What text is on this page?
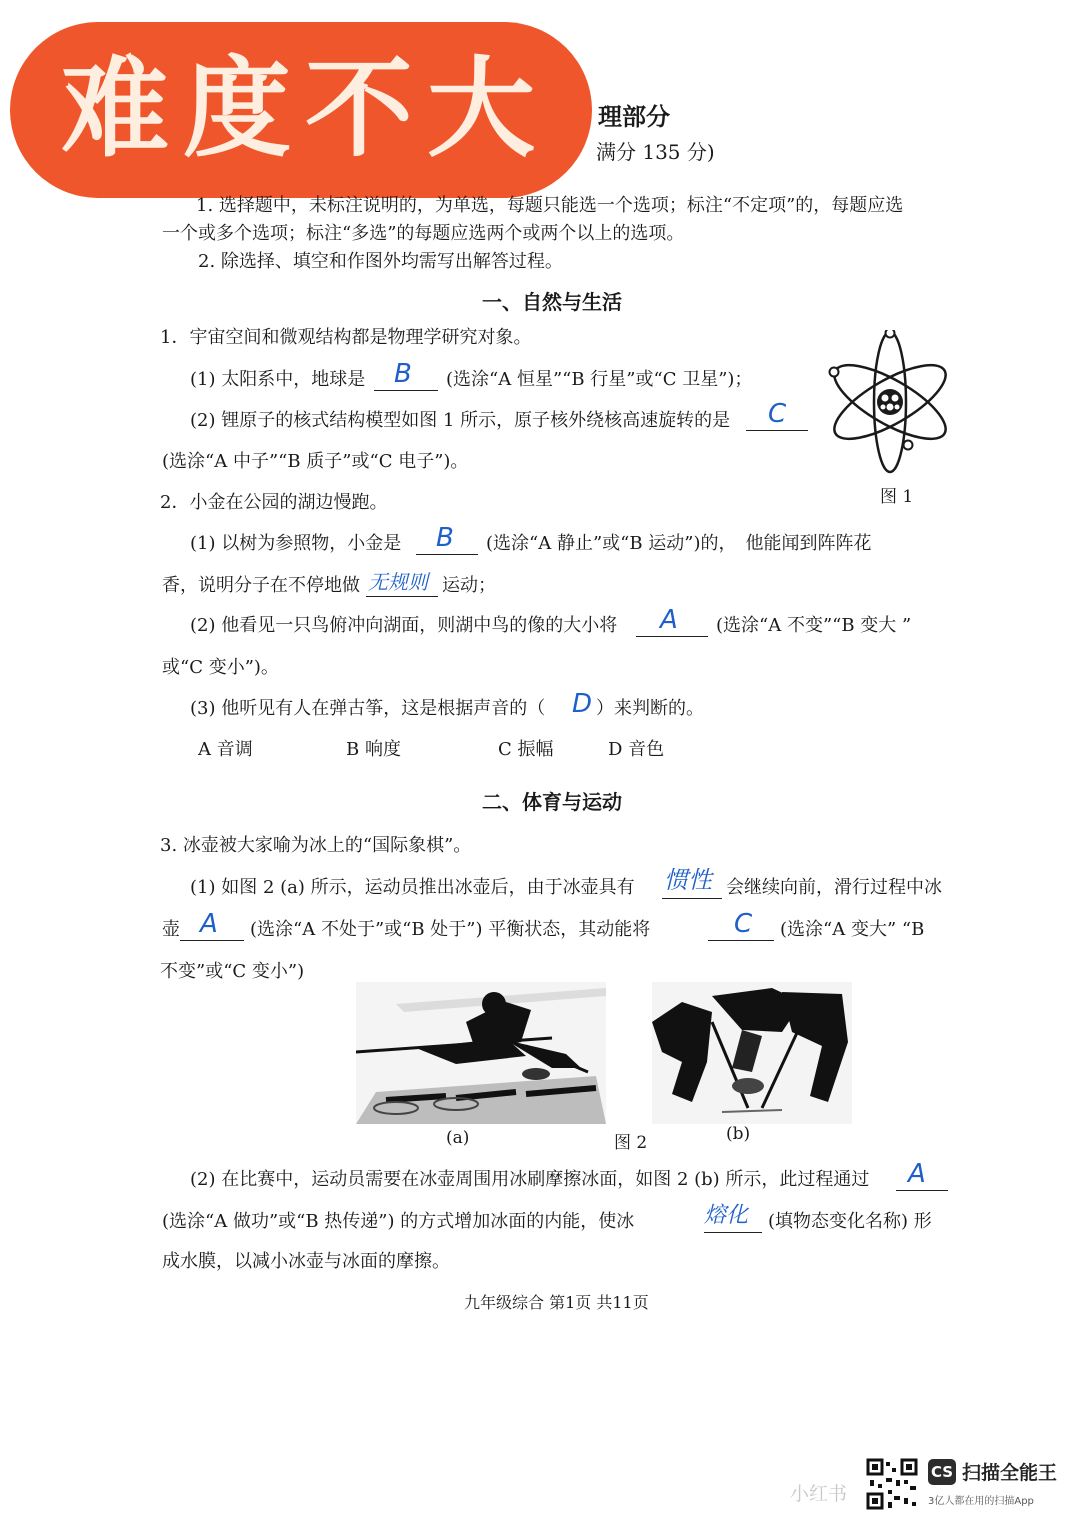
难度不大	理部分
满分 135 分)
1. 选择题中，未标注说明的，为单选，每题只能选一个选项；标注“不定项”的，每题应选
一个或多个选项；标注“多选”的每题应选两个或两个以上的选项。
2. 除选择、填空和作图外均需写出解答过程。
一、自然与生活
1．宇宙空间和微观结构都是物理学研究对象。
(1) 太阳系中，地球是 B (选涂“A 恒星”“B 行星”或“C 卫星”)；
(2) 锂原子的核式结构模型如图 1 所示，原子核外绕核高速旋转的是 C
(选涂“A 中子”“B 质子”或“C 电子”)。
图 1
2．小金在公园的湖边慢跑。
(1) 以树为参照物，小金是 B (选涂“A 静止”或“B 运动”)的，　他能闻到阵阵花
香，说明分子在不停地做 无规则 运动；
(2) 他看见一只鸟俯冲向湖面，则湖中鸟的像的大小将 A (选涂“A 不变”“B 变大 ”
或“C 变小”)。
(3) 他听见有人在弹古筝，这是根据声音的（ D ）来判断的。
A 音调	B 响度	C 振幅	D 音色
二、体育与运动
3. 冰壶被大家喻为冰上的“国际象棋”。
(1) 如图 2 (a) 所示，运动员推出冰壶后，由于冰壶具有 惯性 会继续向前，滑行过程中冰
壶 A (选涂“A 不处于”或“B 处于”) 平衡状态，其动能将	C (选涂“A 变大” “B
不变”或“C 变小”)
(a)	图 2	(b)
(2) 在比赛中，运动员需要在冰壶周围用冰刷摩擦冰面，如图 2 (b) 所示，此过程通过 A
(选涂“A 做功”或“B 热传递”) 的方式增加冰面的内能，使冰	熔化 (填物态变化名称) 形
成水膜，以减小冰壶与冰面的摩擦。
九年级综合 第1页 共11页
小红书
CS 扫描全能王
3亿人都在用的扫描App
